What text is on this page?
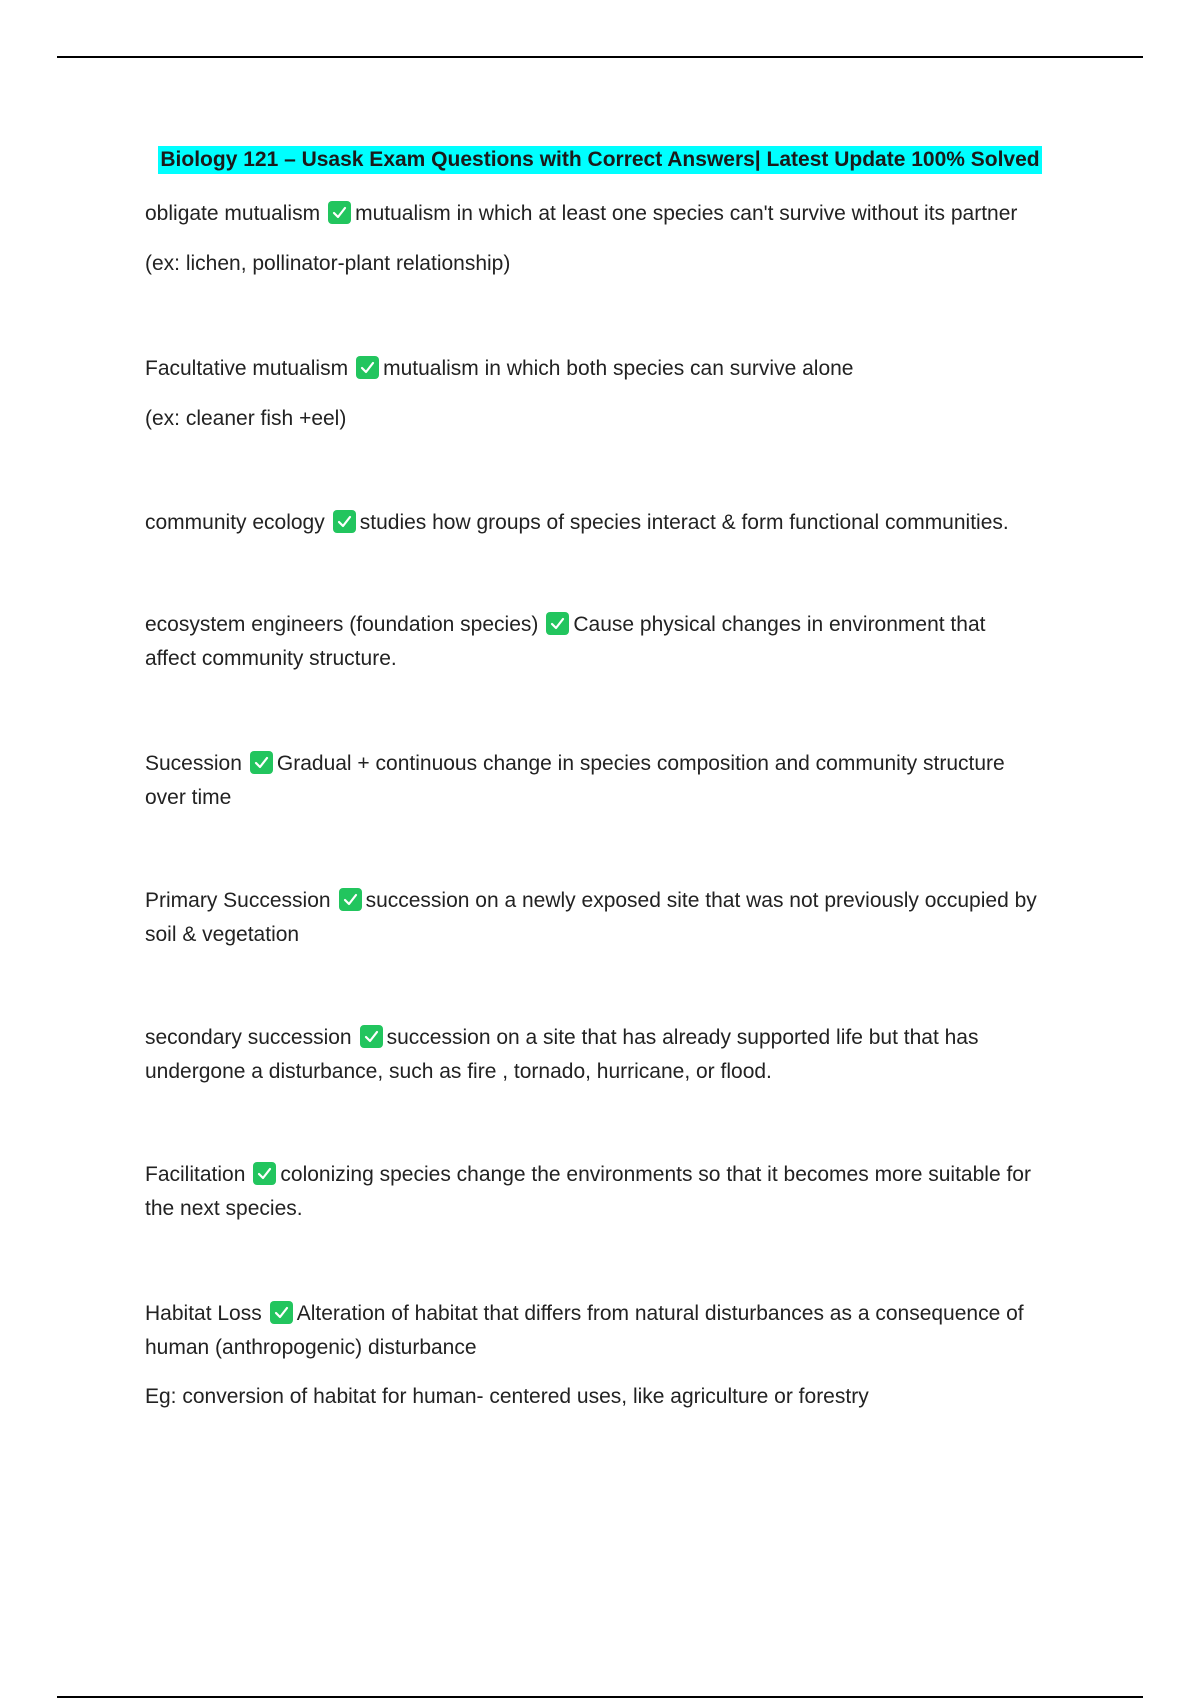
Biology 121 – Usask Exam Questions with Correct Answers| Latest Update 100% Solved
obligate mutualism mutualism in which at least one species can't survive without its partner
(ex: lichen, pollinator-plant relationship)
Facultative mutualism mutualism in which both species can survive alone
(ex: cleaner fish +eel)
community ecology studies how groups of species interact & form functional communities.
ecosystem engineers (foundation species) Cause physical changes in environment that
affect community structure.
Sucession Gradual + continuous change in species composition and community structure
over time
Primary Succession succession on a newly exposed site that was not previously occupied by
soil & vegetation
secondary succession succession on a site that has already supported life but that has
undergone a disturbance, such as fire , tornado, hurricane, or flood.
Facilitation colonizing species change the environments so that it becomes more suitable for
the next species.
Habitat Loss Alteration of habitat that differs from natural disturbances as a consequence of
human (anthropogenic) disturbance
Eg: conversion of habitat for human- centered uses, like agriculture or forestry
